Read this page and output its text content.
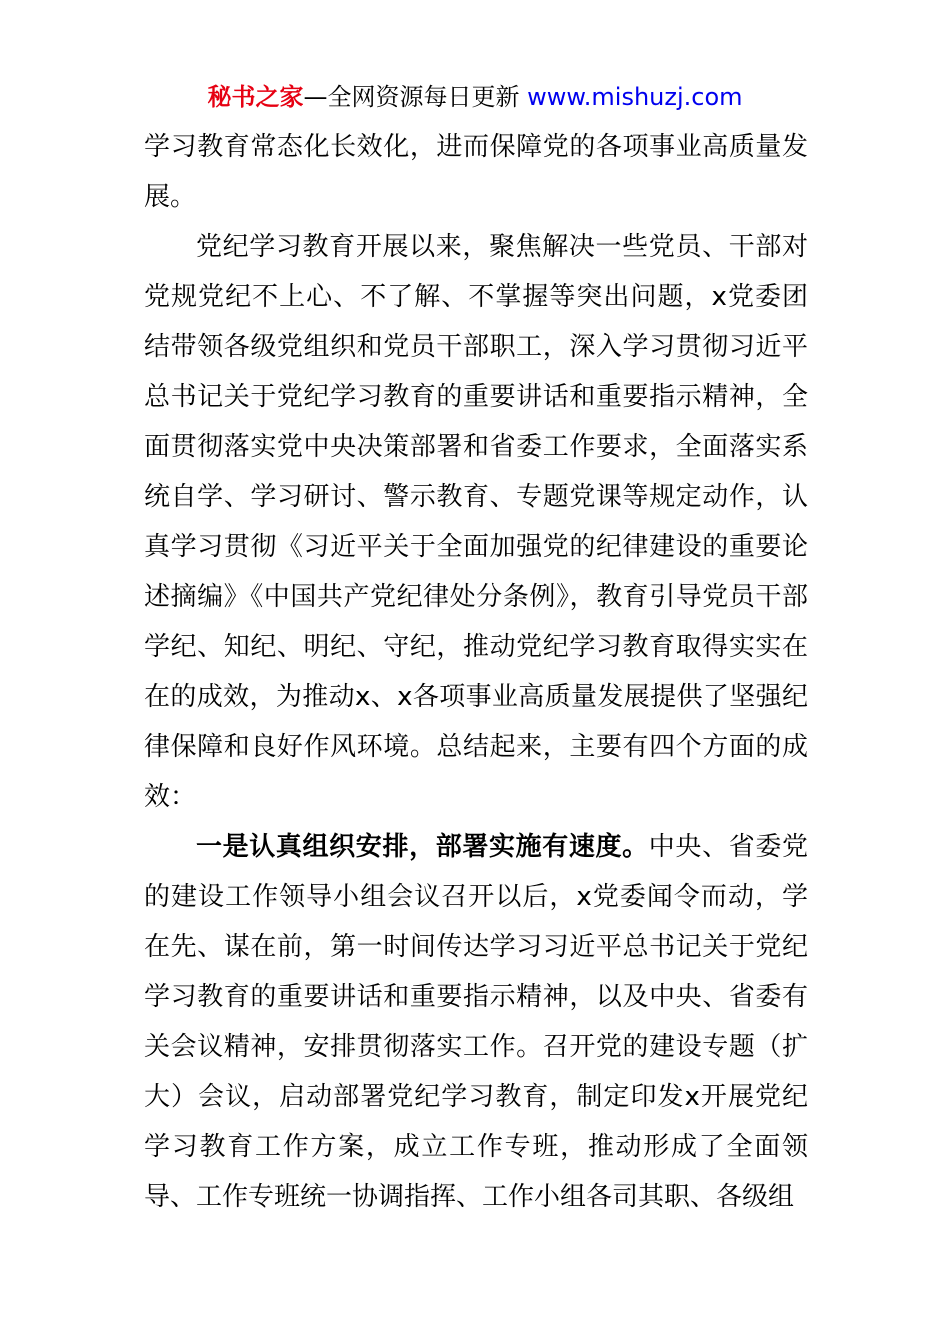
秘书之家—全网资源每日更新 www.mishuzj.com

学习教育常态化长效化，进而保障党的各项事业高质量发展。

党纪学习教育开展以来，聚焦解决一些党员、干部对党规党纪不上心、不了解、不掌握等突出问题，x党委团结带领各级党组织和党员干部职工，深入学习贯彻习近平总书记关于党纪学习教育的重要讲话和重要指示精神，全面贯彻落实党中央决策部署和省委工作要求，全面落实系统自学、学习研讨、警示教育、专题党课等规定动作，认真学习贯彻《习近平关于全面加强党的纪律建设的重要论述摘编》《中国共产党纪律处分条例》，教育引导党员干部学纪、知纪、明纪、守纪，推动党纪学习教育取得实实在在的成效，为推动x、x各项事业高质量发展提供了坚强纪律保障和良好作风环境。总结起来，主要有四个方面的成效：

一是认真组织安排，部署实施有速度。中央、省委党的建设工作领导小组会议召开以后，x党委闻令而动，学在先、谋在前，第一时间传达学习习近平总书记关于党纪学习教育的重要讲话和重要指示精神，以及中央、省委有关会议精神，安排贯彻落实工作。召开党的建设专题（扩大）会议，启动部署党纪学习教育，制定印发x开展党纪学习教育工作方案，成立工作专班，推动形成了全面领导、工作专班统一协调指挥、工作小组各司其职、各级组
